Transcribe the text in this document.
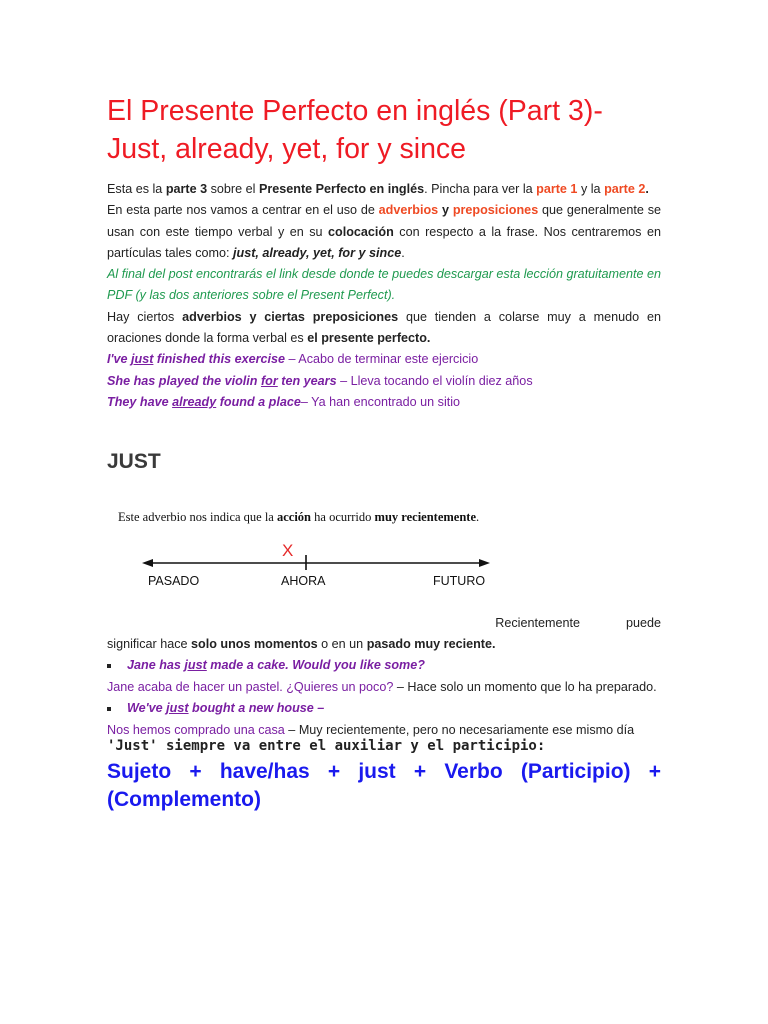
El Presente Perfecto en inglés (Part 3)-
Just, already, yet, for y since

Esta es la parte 3 sobre el Presente Perfecto en inglés. Pincha para ver la parte 1 y la parte 2.
En esta parte nos vamos a centrar en el uso de adverbios y preposiciones que generalmente se usan con este tiempo verbal y en su colocación con respecto a la frase. Nos centraremos en partículas tales como: just, already, yet, for y since.

Al final del post encontrarás el link desde donde te puedes descargar esta lección gratuitamente en PDF (y las dos anteriores sobre el Present Perfect).

Hay ciertos adverbios y ciertas preposiciones que tienden a colarse muy a menudo en oraciones donde la forma verbal es el presente perfecto.

I've just finished this exercise – Acabo de terminar este ejercicio

She has played the violin for ten years – Lleva tocando el violín diez años

They have already found a place– Ya han encontrado un sitio

JUST
Este adverbio nos indica que la acción ha ocurrido muy recientemente.
X
PASADO	AHORA	FUTURO
Recientemente	puede
significar hace solo unos momentos o en un pasado muy reciente.
Jane has just made a cake. Would you like some?
Jane acaba de hacer un pastel. ¿Quieres un poco? – Hace solo un momento que lo ha preparado.
We've just bought a new house –
Nos hemos comprado una casa – Muy recientemente, pero no necesariamente ese mismo día
'Just' siempre va entre el auxiliar y el participio:
Sujeto + have/has + just + Verbo (Participio) + (Complemento)
